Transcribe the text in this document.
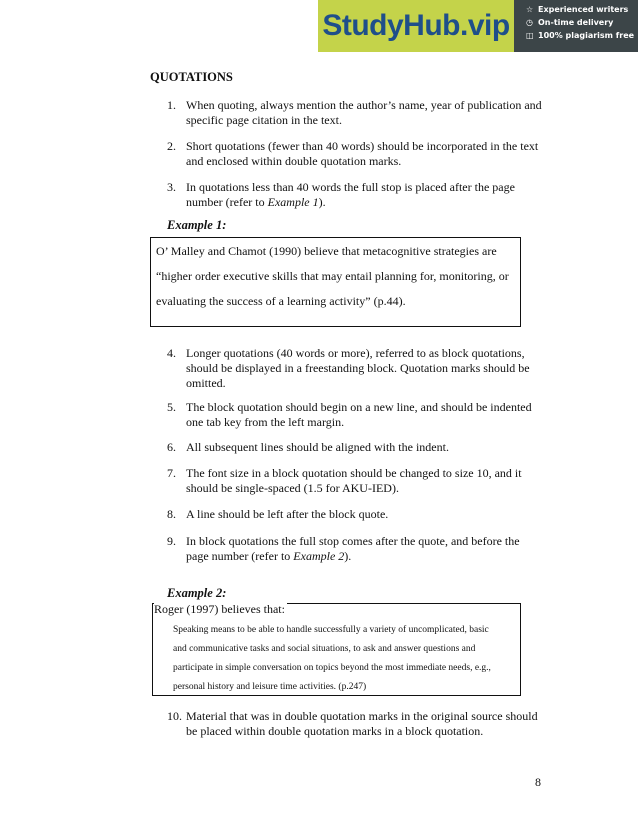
StudyHub.vip	☆ Experienced writers
◷ On-time delivery
◫ 100% plagiarism free
QUOTATIONS
1. When quoting, always mention the author’s name, year of publication and specific page citation in the text.
2. Short quotations (fewer than 40 words) should be incorporated in the text and enclosed within double quotation marks.
3. In quotations less than 40 words the full stop is placed after the page number (refer to Example 1).
Example 1:

O’ Malley and Chamot (1990) believe that metacognitive strategies are

“higher order executive skills that may entail planning for, monitoring, or

evaluating the success of a learning activity” (p.44).

4. Longer quotations (40 words or more), referred to as block quotations, should be displayed in a freestanding block. Quotation marks should be omitted.
5. The block quotation should begin on a new line, and should be indented one tab key from the left margin.
6. All subsequent lines should be aligned with the indent.
7. The font size in a block quotation should be changed to size 10, and it should be single-spaced (1.5 for AKU-IED).
8. A line should be left after the block quote.
9. In block quotations the full stop comes after the quote, and before the page number (refer to Example 2).
Example 2:

Speaking means to be able to handle successfully a variety of uncomplicated, basic

and communicative tasks and social situations, to ask and answer questions and

participate in simple conversation on topics beyond the most immediate needs, e.g.,

personal history and leisure time activities. (p.247)

Roger (1997) believes that:
10. Material that was in double quotation marks in the original source should be placed within double quotation marks in a block quotation.
8
